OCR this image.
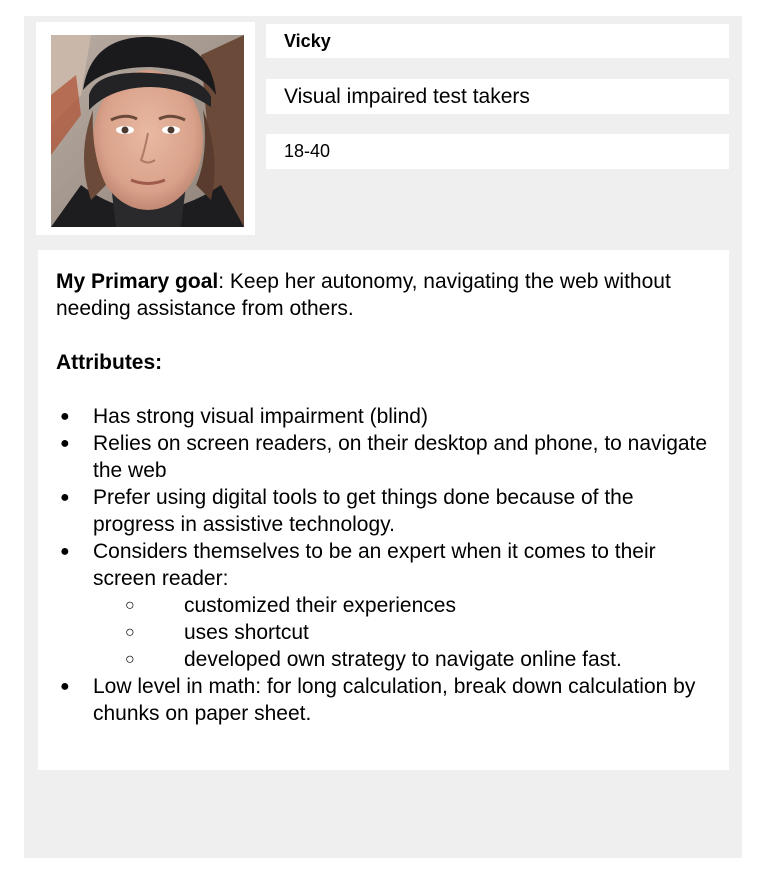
Vicky
Visual impaired test takers
18-40

My Primary goal: Keep her autonomy, navigating the web without needing assistance from others.

Attributes:

● Has strong visual impairment (blind)
● Relies on screen readers, on their desktop and phone, to navigate the web
● Prefer using digital tools to get things done because of the progress in assistive technology.
● Considers themselves to be an expert when it comes to their screen reader:
○ customized their experiences
○ uses shortcut
○ developed own strategy to navigate online fast.
● Low level in math: for long calculation, break down calculation by chunks on paper sheet.
